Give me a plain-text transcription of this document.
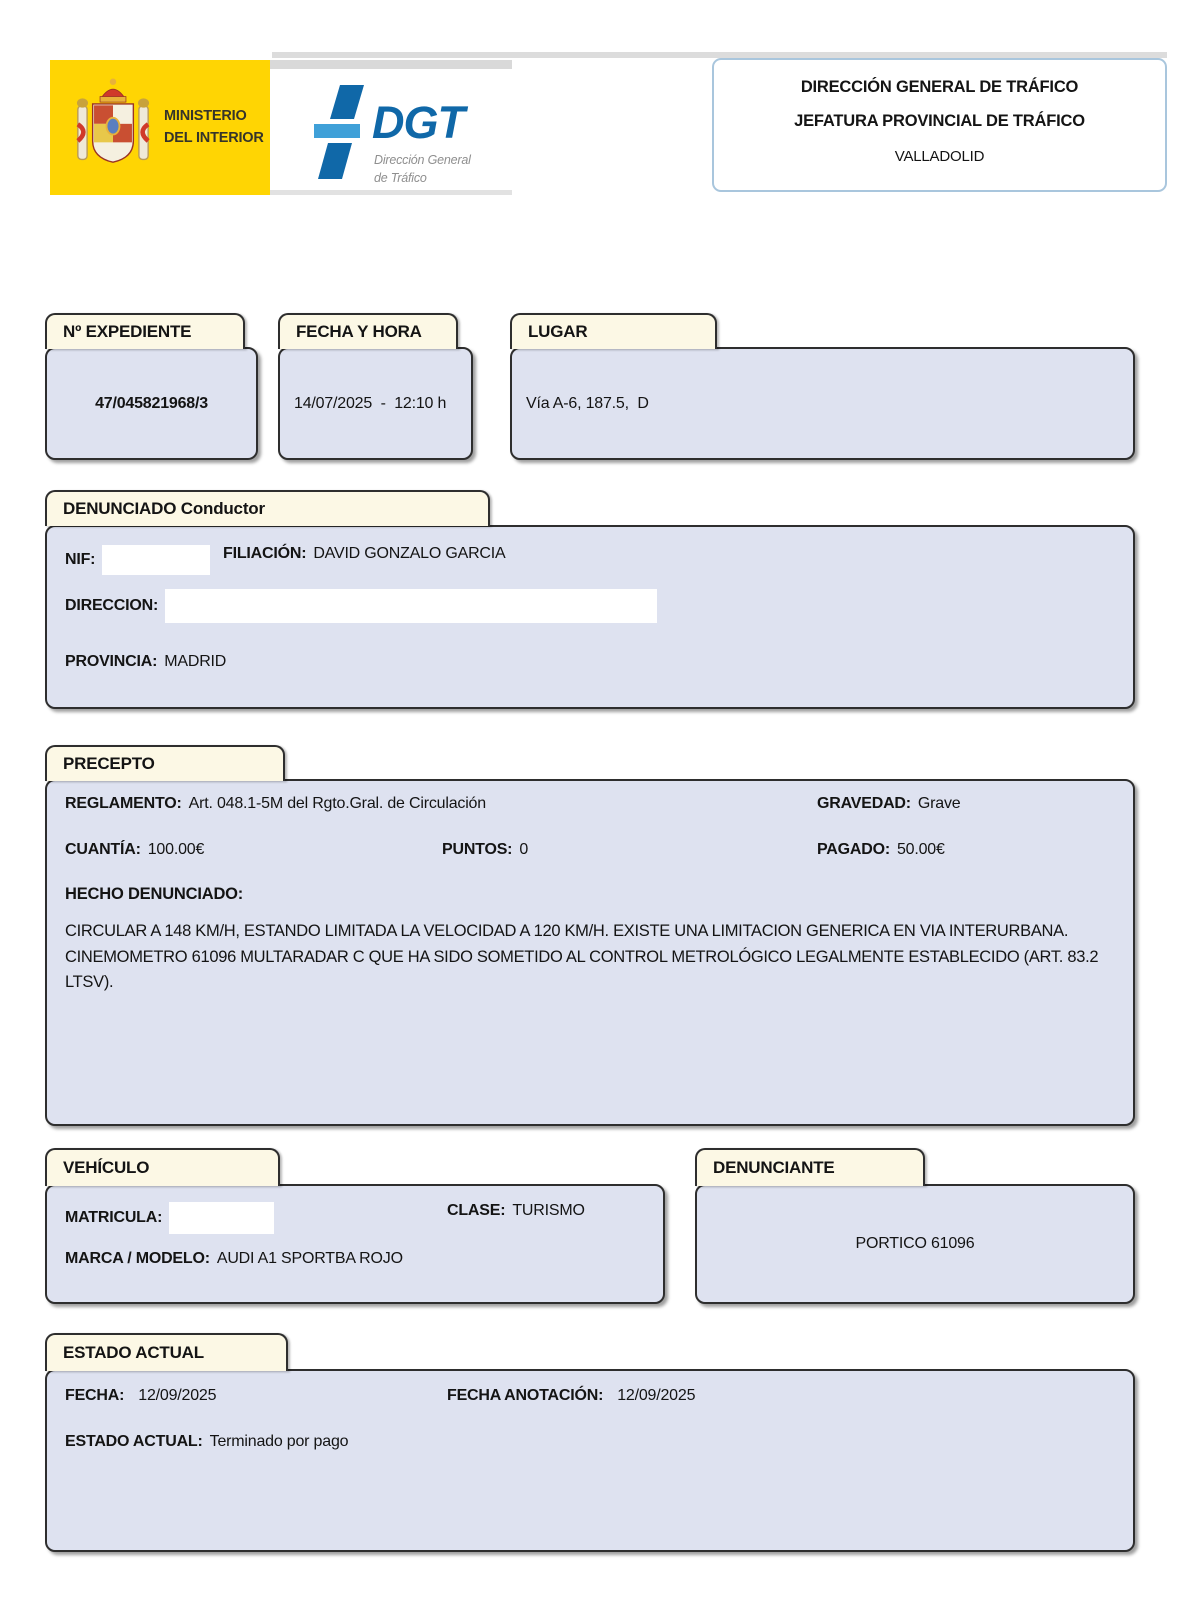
MINISTERIO
DEL INTERIOR DGT
Dirección General
de Tráfico
DIRECCIÓN GENERAL DE TRÁFICO
JEFATURA PROVINCIAL DE TRÁFICO
VALLADOLID
Nº EXPEDIENTE
47/045821968/3
FECHA Y HORA
14/07/2025  -  12:10 h
LUGAR
Vía A-6, 187.5,  D
DENUNCIADO Conductor
NIF:	FILIACIÓN: DAVID GONZALO GARCIA
DIRECCION:
PROVINCIA: MADRID
PRECEPTO
REGLAMENTO: Art. 048.1-5M del Rgto.Gral. de Circulación	GRAVEDAD: Grave
CUANTÍA: 100.00€	PUNTOS: 0	PAGADO: 50.00€
HECHO DENUNCIADO:
CIRCULAR A 148 KM/H, ESTANDO LIMITADA LA VELOCIDAD A 120 KM/H. EXISTE UNA LIMITACION GENERICA EN VIA INTERURBANA. CINEMOMETRO 61096 MULTARADAR C QUE HA SIDO SOMETIDO AL CONTROL METROLÓGICO LEGALMENTE ESTABLECIDO (ART. 83.2 LTSV).
VEHÍCULO
MATRICULA:	CLASE: TURISMO
MARCA / MODELO: AUDI A1 SPORTBA ROJO
DENUNCIANTE
PORTICO 61096
ESTADO ACTUAL
FECHA: 12/09/2025	FECHA ANOTACIÓN: 12/09/2025
ESTADO ACTUAL: Terminado por pago
